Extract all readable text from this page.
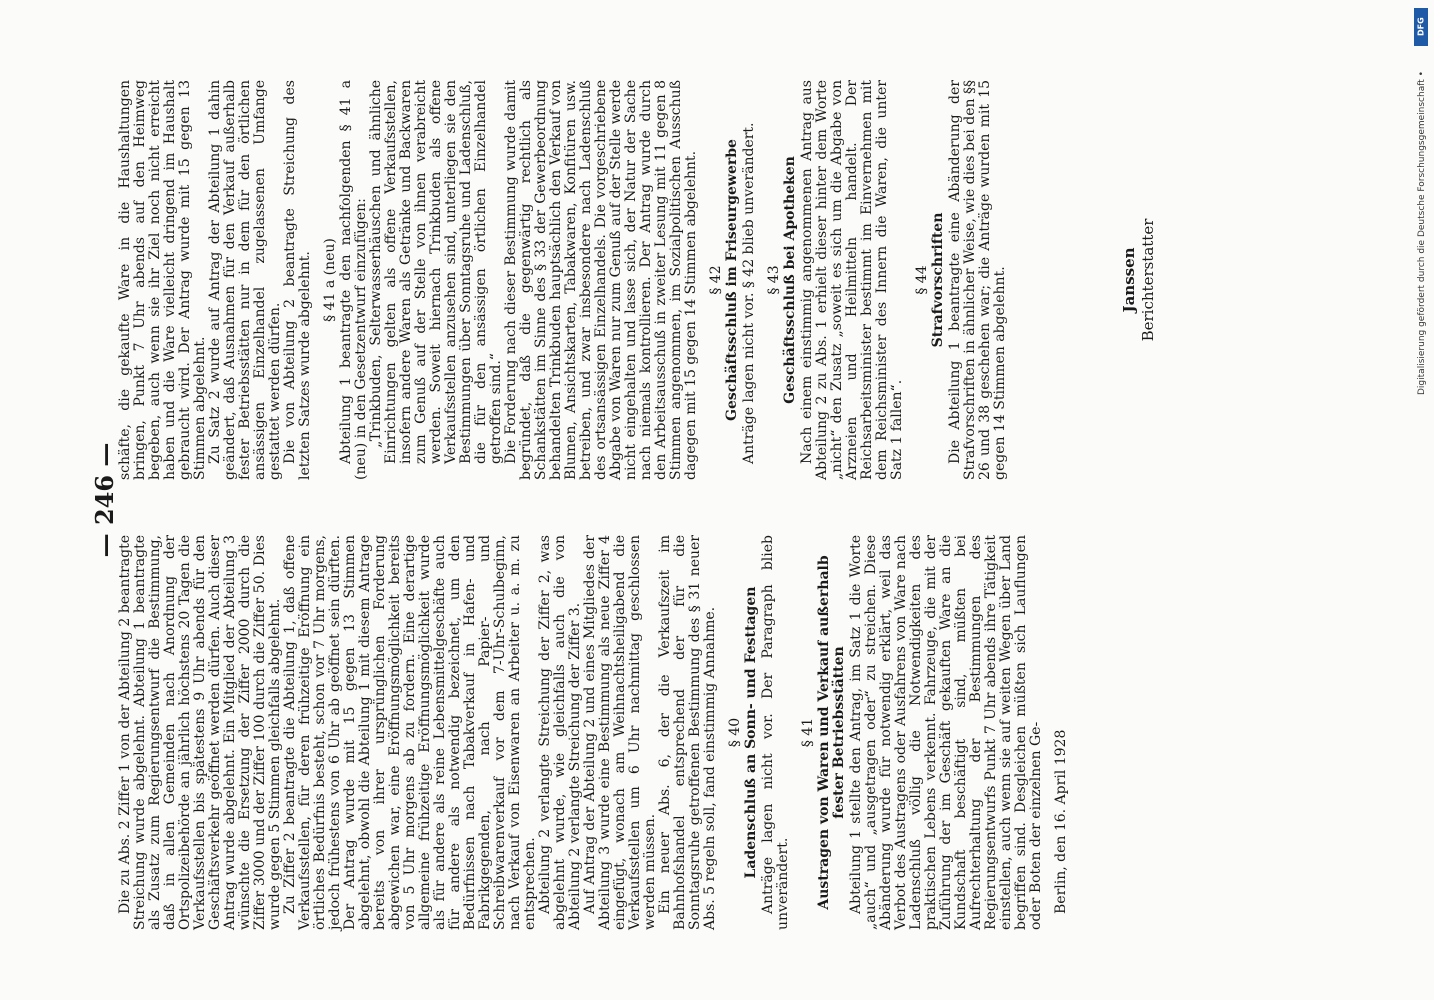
— 246 —

Die zu Abs. 2 Ziffer 1 von der Abteilung 2 beantragte Streichung wurde abgelehnt. Abteilung 1 beantragte als Zusatz zum Regierungsentwurf die Bestimmung, daß in allen Gemeinden nach Anordnung der Ortspolizeibehörde an jährlich höchstens 20 Tagen die Verkaufsstellen bis spätestens 9 Uhr abends für den Geschäftsverkehr geöffnet werden dürfen. Auch dieser Antrag wurde abgelehnt. Ein Mitglied der Abteilung 3 wünschte die Ersetzung der Ziffer 2000 durch die Ziffer 3000 und der Ziffer 100 durch die Ziffer 50. Dies wurde gegen 5 Stimmen gleichfalls abgelehnt. Zu Ziffer 2 beantragte die Abteilung 1, daß offene Verkaufsstellen, für deren frühzeitige Eröffnung ein örtliches Bedürfnis besteht, schon vor 7 Uhr morgens, jedoch frühestens von 6 Uhr ab geöffnet sein dürften. Der Antrag wurde mit 15 gegen 13 Stimmen abgelehnt, obwohl die Abteilung 1 mit diesem Antrage bereits von ihrer ursprünglichen Forderung abgewichen war, eine Eröffnungsmöglichkeit bereits von 5 Uhr morgens ab zu fordern. Eine derartige allgemeine frühzeitige Eröffnungsmöglichkeit wurde als für andere als reine Lebensmittelgeschäfte auch für andere als notwendig bezeichnet, um den Bedürfnissen nach Tabakverkauf in Hafen- und Fabrikgegenden, nach Papier- und Schreibwarenverkauf vor dem 7-Uhr-Schulbeginn, nach Verkauf von Eisenwaren an Arbeiter u. a. m. zu entsprechen. Abteilung 2 verlangte Streichung der Ziffer 2, was abgelehnt wurde, wie gleichfalls auch die von Abteilung 2 verlangte Streichung der Ziffer 3. Auf Antrag der Abteilung 2 und eines Mitgliedes der Abteilung 3 wurde eine Bestimmung als neue Ziffer 4 eingefügt, wonach am Weihnachtsheiligabend die Verkaufsstellen um 6 Uhr nachmittag geschlossen werden müssen. Ein neuer Abs. 6, der die Verkaufszeit im Bahnhofshandel entsprechend der für die Sonntagsruhe getroffenen Bestimmung des § 31 neuer Abs. 5 regeln soll, fand einstimmig Annahme. § 40 Ladenschluß an Sonn- und Festtagen Anträge lagen nicht vor. Der Paragraph blieb unverändert.

§ 41 Austragen von Waren und Verkauf außerhalb fester Betriebsstätten Abteilung 1 stellte den Antrag, im Satz 1 die Worte „auch“ und „ausgetragen oder“ zu streichen. Diese Abänderung wurde für notwendig erklärt, weil das Verbot des Austragens oder Ausfahrens von Ware nach Ladenschluß völlig die Notwendigkeiten des praktischen Lebens verkennt. Fahrzeuge, die mit der Zuführung der im Geschäft gekauften Ware an die Kundschaft beschäftigt sind, müßten bei Aufrechterhaltung der Bestimmungen des Regierungsentwurfs Punkt 7 Uhr abends ihre Tätigkeit einstellen, auch wenn sie auf weiten Wegen über Land begriffen sind. Desgleichen müßten sich Lauflungen oder Boten der einzelnen Ge- Berlin, den 16. April 1928

schäfte, die gekaufte Ware in die Haushaltungen bringen, Punkt 7 Uhr abends auf den Heimweg begeben, auch wenn sie ihr Ziel noch nicht erreicht haben und die Ware vielleicht dringend im Haushalt gebraucht wird. Der Antrag wurde mit 15 gegen 13 Stimmen abgelehnt. Zu Satz 2 wurde auf Antrag der Abteilung 1 dahin geändert, daß Ausnahmen für den Verkauf außerhalb fester Betriebsstätten nur in dem für den örtlichen ansässigen Einzelhandel zugelassenen Umfange gestattet werden dürfen. Die von Abteilung 2 beantragte Streichung des letzten Satzes wurde abgelehnt. § 41 a (neu) Abteilung 1 beantragte den nachfolgenden § 41 a (neu) in den Gesetzentwurf einzufügen: „Trinkbuden, Selterwasserhäuschen und ähnliche Einrichtungen gelten als offene Verkaufsstellen, insofern andere Waren als Getränke und Backwaren zum Genuß auf der Stelle von ihnen verabreicht werden. Soweit hiernach Trinkbuden als offene Verkaufsstellen anzusehen sind, unterliegen sie den Bestimmungen über Sonntagsruhe und Ladenschluß, die für den ansässigen örtlichen Einzelhandel getroffen sind.“ Die Forderung nach dieser Bestimmung wurde damit begründet, daß die gegenwärtig rechtlich als Schankstätten im Sinne des § 33 der Gewerbeordnung behandelten Trinkbuden hauptsächlich den Verkauf von Blumen, Ansichtskarten, Tabakwaren, Konfitüren usw. betreiben, und zwar insbesondere nach Ladenschluß des ortsansässigen Einzelhandels. Die vorgeschriebene Abgabe von Waren nur zum Genuß auf der Stelle werde nicht eingehalten und lasse sich, der Natur der Sache nach niemals kontrollieren. Der Antrag wurde durch den Arbeitsausschuß in zweiter Lesung mit 11 gegen 8 Stimmen angenommen, im Sozialpolitischen Ausschuß dagegen mit 15 gegen 14 Stimmen abgelehnt. § 42 Geschäftsschluß im Friseurgewerbe Anträge lagen nicht vor. § 42 blieb unverändert. § 43 Geschäftsschluß bei Apotheken Nach einem einstimmig angenommenen Antrag aus Abteilung 2 zu Abs. 1 erhielt dieser hinter dem Worte „nicht“ den Zusatz „soweit es sich um die Abgabe von Arzneien und Heilmitteln handelt. Der Reichsarbeitsminister bestimmt im Einvernehmen mit dem Reichsminister des Innern die Waren, die unter Satz 1 fallen“.

§ 44 Strafvorschriften Die Abteilung 1 beantragte eine Abänderung der Strafvorschriften in ähnlicher Weise, wie dies bei den §§ 26 und 38 geschehen war; die Anträge wurden mit 15 gegen 14 Stimmen abgelehnt.	Janssen Berichterstatter
DFG
Digitalisierung gefördert durch die Deutsche Forschungsgemeinschaft •
